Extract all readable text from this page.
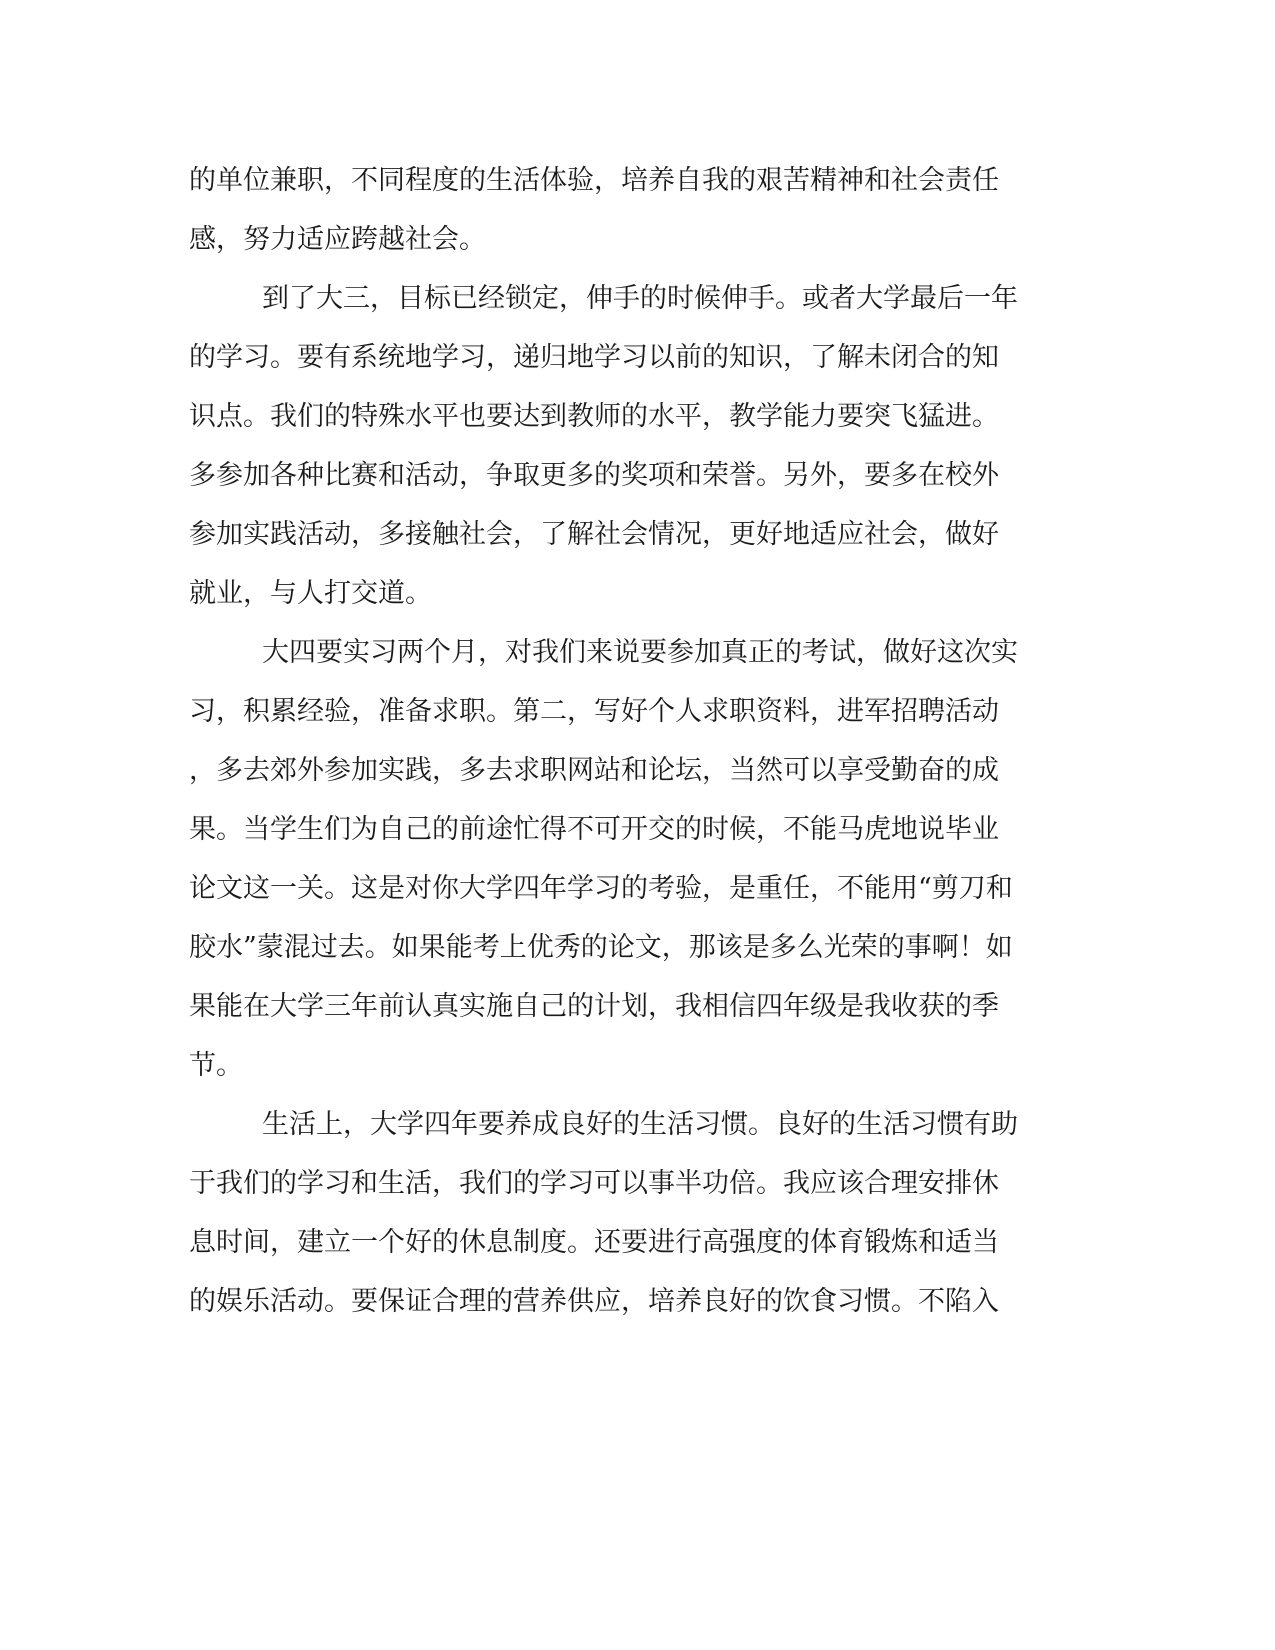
的单位兼职，不同程度的生活体验，培养自我的艰苦精神和社会责任
感，努力适应跨越社会。
到了大三，目标已经锁定，伸手的时候伸手。或者大学最后一年
的学习。要有系统地学习，递归地学习以前的知识，了解未闭合的知
识点。我们的特殊水平也要达到教师的水平，教学能力要突飞猛进。
多参加各种比赛和活动，争取更多的奖项和荣誉。另外，要多在校外
参加实践活动，多接触社会，了解社会情况，更好地适应社会，做好
就业，与人打交道。
大四要实习两个月，对我们来说要参加真正的考试，做好这次实
习，积累经验，准备求职。第二，写好个人求职资料，进军招聘活动
，多去郊外参加实践，多去求职网站和论坛，当然可以享受勤奋的成
果。当学生们为自己的前途忙得不可开交的时候，不能马虎地说毕业
论文这一关。这是对你大学四年学习的考验，是重任，不能用“剪刀和
胶水”蒙混过去。如果能考上优秀的论文，那该是多么光荣的事啊！如
果能在大学三年前认真实施自己的计划，我相信四年级是我收获的季
节。
生活上，大学四年要养成良好的生活习惯。良好的生活习惯有助
于我们的学习和生活，我们的学习可以事半功倍。我应该合理安排休
息时间，建立一个好的休息制度。还要进行高强度的体育锻炼和适当
的娱乐活动。要保证合理的营养供应，培养良好的饮食习惯。不陷入
